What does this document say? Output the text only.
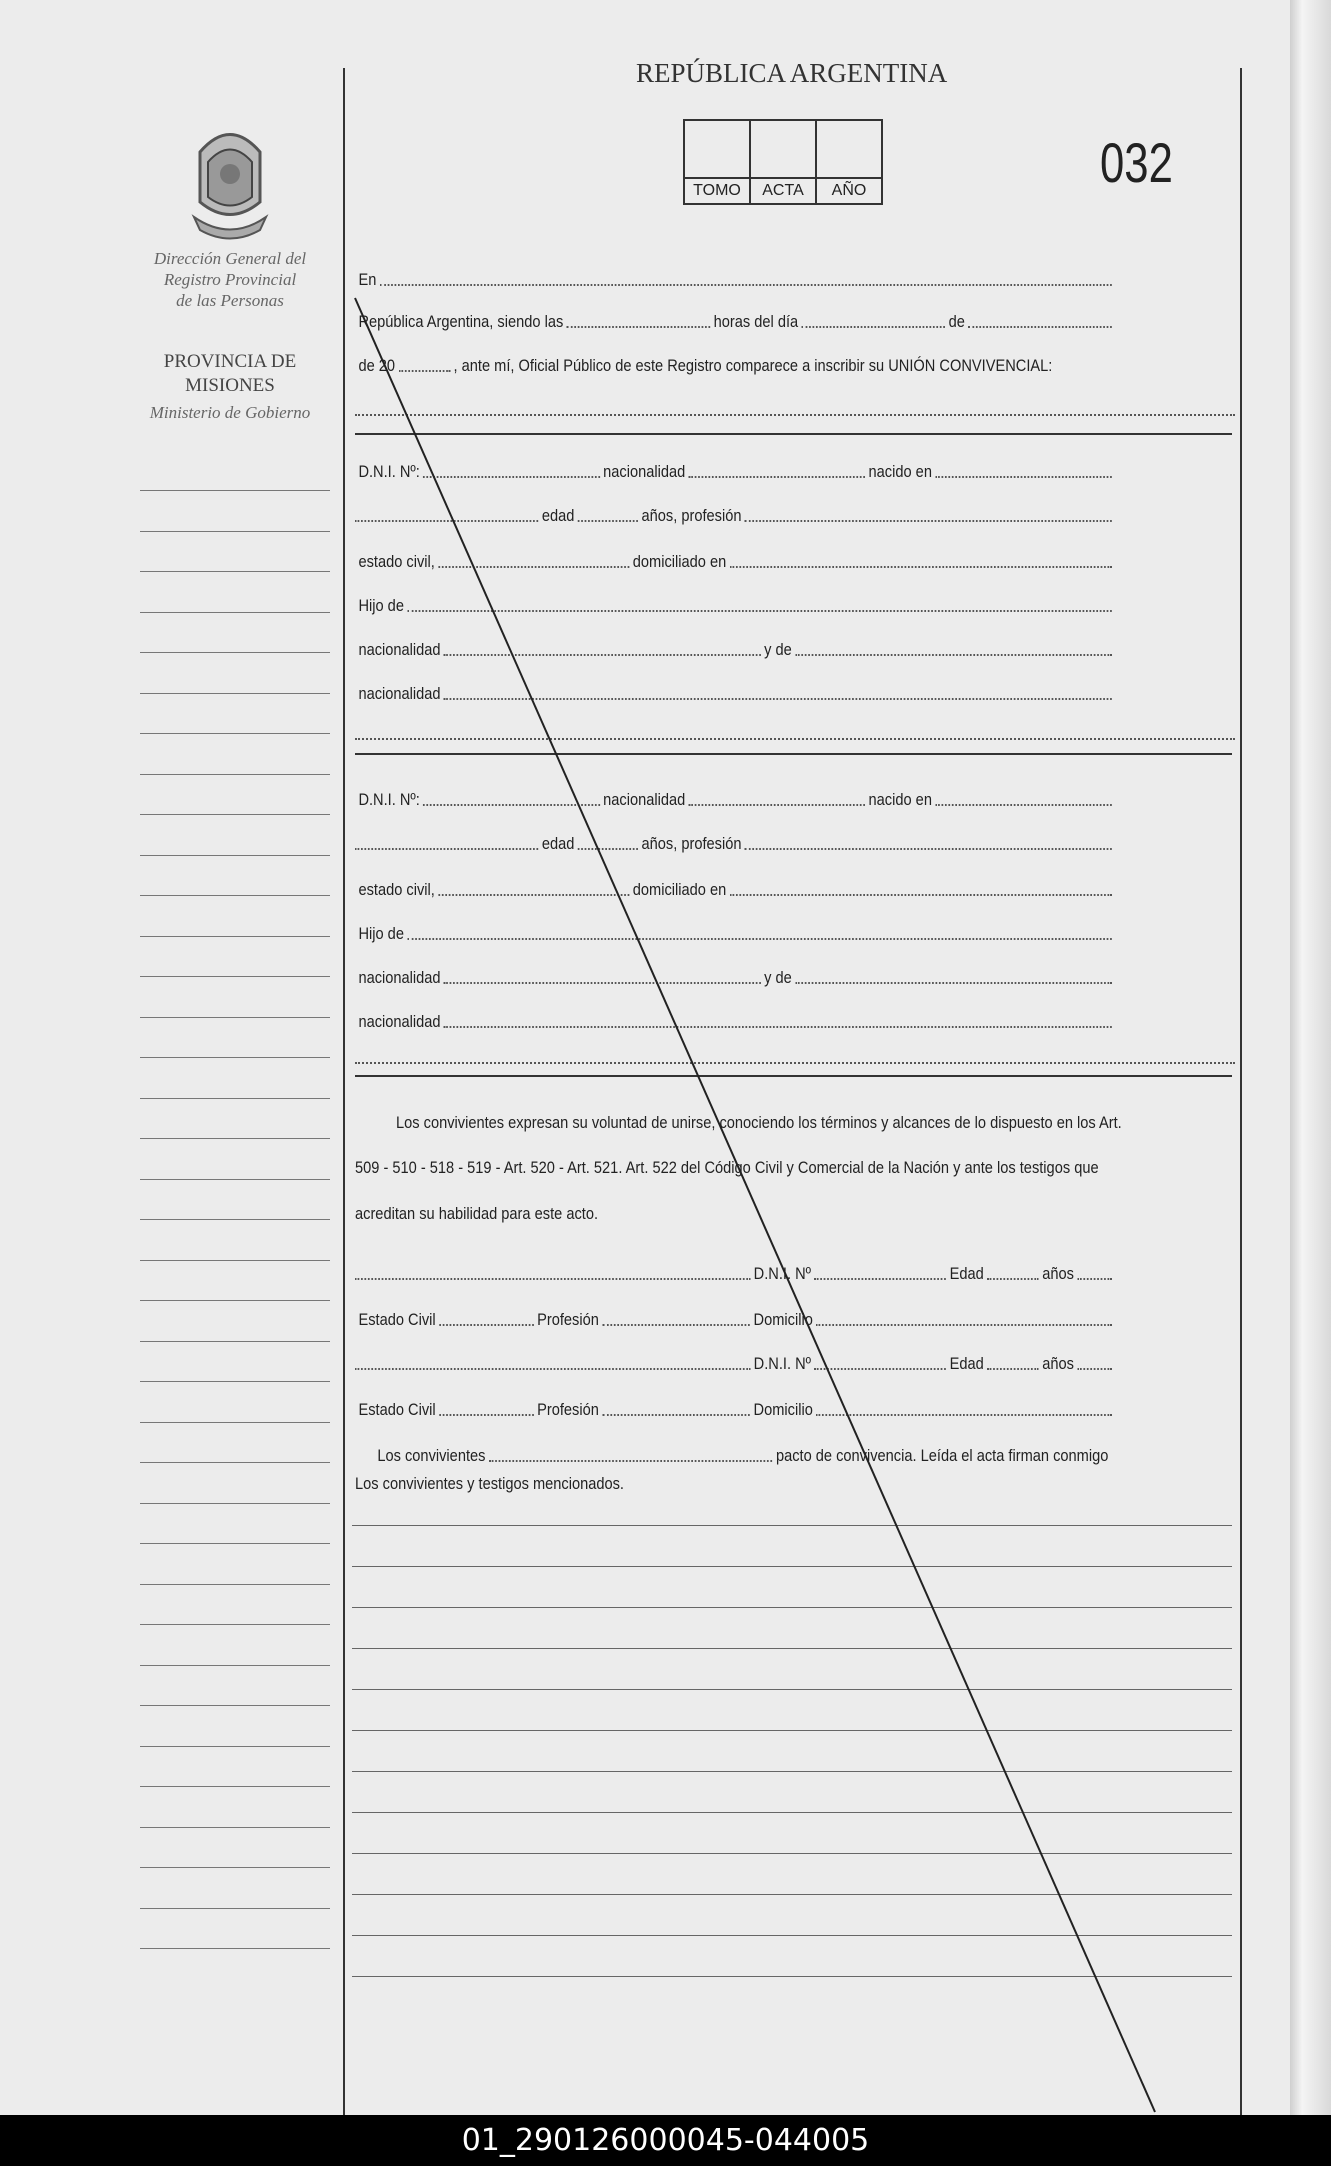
REPÚBLICA ARGENTINA
TOMO	ACTA	AÑO	032
Dirección General del
Registro Provincial
de las Personas
PROVINCIA DE
MISIONES
Ministerio de Gobierno
En
República Argentina, siendo las	horas del día	de
de 20	, ante mí, Oficial Público de este Registro comparece a inscribir su UNIÓN CONVIVENCIAL:
D.N.I. Nº:	nacionalidad	nacido en
edad	años, profesión
estado civil,	domiciliado en
Hijo de
nacionalidad	y de
nacionalidad
D.N.I. Nº:	nacionalidad	nacido en
edad	años, profesión
estado civil,	domiciliado en
Hijo de
nacionalidad	y de
nacionalidad
Los convivientes expresan su voluntad de unirse, conociendo los términos y alcances de lo dispuesto en los Art.
509 - 510 - 518 - 519 - Art. 520 - Art. 521. Art. 522 del Código Civil y Comercial de la Nación y ante los testigos que
acreditan su habilidad para este acto.
D.N.I. Nº	Edad	años
Estado Civil	Profesión	Domicilio
D.N.I. Nº	Edad	años
Estado Civil	Profesión	Domicilio
Los convivientes	pacto de convivencia. Leída el acta firman conmigo
Los convivientes y testigos mencionados.
01_290126000045-044005
